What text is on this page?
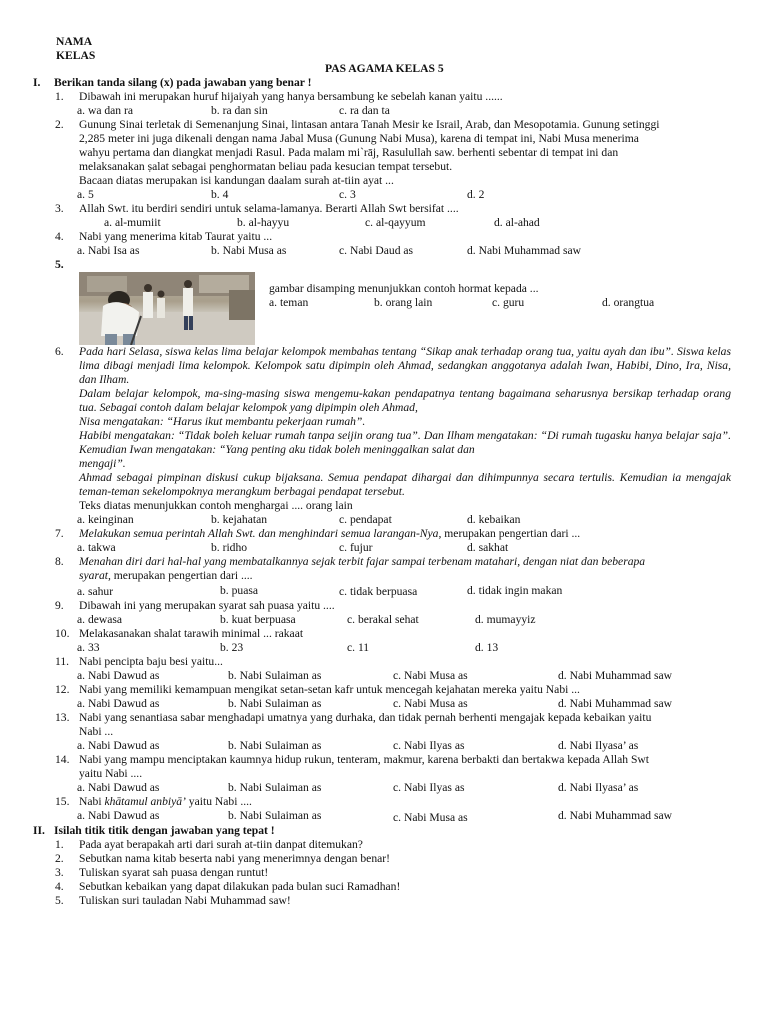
NAMA
KELAS
PAS AGAMA KELAS 5
I. Berikan tanda silang (x) pada jawaban yang benar !
1. Dibawah ini merupakan huruf hijaiyah yang hanya bersambung ke sebelah kanan yaitu ......
a. wa dan ra	b. ra dan sin	c. ra dan ta
2. Gunung Sinai terletak di Semenanjung Sinai, lintasan antara Tanah Mesir ke Israil, Arab, dan Mesopotamia. Gunung setinggi
2,285 meter ini juga dikenali dengan nama Jabal Musa (Gunung Nabi Musa), karena di tempat ini, Nabi Musa menerima
wahyu pertama dan diangkat menjadi Rasul. Pada malam mi`rāj, Rasulullah saw. berhenti sebentar di tempat ini dan
melaksanakan ṣalat sebagai penghormatan beliau pada kesucian tempat tersebut.
Bacaan diatas merupakan isi kandungan daalam surah at-tiin ayat ...
a. 5	b. 4	c. 3	d. 2
3. Allah Swt. itu berdiri sendiri untuk selama-lamanya. Berarti Allah Swt bersifat ....
a. al-mumiit	b. al-hayyu	c. al-qayyum	d. al-ahad
4. Nabi yang menerima kitab Taurat yaitu ...
a. Nabi Isa as	b. Nabi Musa as	c. Nabi Daud as	d. Nabi Muhammad saw
5.
gambar disamping menunjukkan contoh hormat kepada ...
a. teman	b. orang lain	c. guru	d. orangtua
6. Pada hari Selasa, siswa kelas lima belajar kelompok membahas tentang “Sikap anak terhadap orang tua, yaitu ayah dan ibu”. Siswa kelas lima dibagi menjadi lima kelompok. Kelompok satu dipimpin oleh Ahmad, sedangkan anggotanya adalah Iwan, Habibi, Dino, Ira, Nisa, dan Ilham.
Dalam belajar kelompok, ma-sing-masing siswa mengemu-kakan pendapatnya tentang bagaimana seharusnya bersikap terhadap orang tua. Sebagai contoh dalam belajar kelompok yang dipimpin oleh Ahmad,
Nisa mengatakan: “Harus ikut membantu pekerjaan rumah”.
Habibi mengatakan: “Tidak boleh keluar rumah tanpa seijin orang tua”. Dan Ilham mengatakan: “Di rumah tugasku hanya belajar saja”. Kemudian Iwan mengatakan: “Yang penting aku tidak boleh meninggalkan salat dan
mengaji”.
Ahmad sebagai pimpinan diskusi cukup bijaksana. Semua pendapat dihargai dan dihimpunnya secara tertulis. Kemudian ia mengajak teman-teman sekelompoknya merangkum berbagai pendapat tersebut.
Teks diatas menunjukkan contoh menghargai .... orang lain
a. keinginan	b. kejahatan	c. pendapat	d. kebaikan
7. Melakukan semua perintah Allah Swt. dan menghindari semua larangan-Nya, merupakan pengertian dari ...
a. takwa	b. ridho	c. fujur	d. sakhat
8. Menahan diri dari hal-hal yang membatalkannya sejak terbit fajar sampai terbenam matahari, dengan niat dan beberapa
syarat, merupakan pengertian dari ....
a. sahur	b. puasa	c. tidak berpuasa	d. tidak ingin makan
9. Dibawah ini yang merupakan syarat sah puasa yaitu ....
a. dewasa	b. kuat berpuasa	c. berakal sehat	d. mumayyiz
10. Melakasanakan shalat tarawih minimal ... rakaat
a. 33	b. 23	c. 11	d. 13
11. Nabi pencipta baju besi yaitu...
a. Nabi Dawud as	b. Nabi Sulaiman as	c. Nabi Musa as	d. Nabi Muhammad saw
12. Nabi yang memiliki kemampuan mengikat setan-setan kafr untuk mencegah kejahatan mereka yaitu Nabi ...
a. Nabi Dawud as	b. Nabi Sulaiman as	c. Nabi Musa as	d. Nabi Muhammad saw
13. Nabi yang senantiasa sabar menghadapi umatnya yang durhaka, dan tidak pernah berhenti mengajak kepada kebaikan yaitu
Nabi ...
a. Nabi Dawud as	b. Nabi Sulaiman as	c. Nabi Ilyas as	d. Nabi Ilyasa’ as
14. Nabi yang mampu menciptakan kaumnya hidup rukun, tenteram, makmur, karena berbakti dan bertakwa kepada Allah Swt
yaitu Nabi ....
a. Nabi Dawud as	b. Nabi Sulaiman as	c. Nabi Ilyas as	d. Nabi Ilyasa’ as
15. Nabi khātamul anbiyā’ yaitu Nabi ....
a. Nabi Dawud as	b. Nabi Sulaiman as	c. Nabi Musa as	d. Nabi Muhammad saw
II. Isilah titik titik dengan jawaban yang tepat !
1. Pada ayat berapakah arti dari surah at-tiin danpat ditemukan?
2. Sebutkan nama kitab beserta nabi yang menerimnya dengan benar!
3. Tuliskan syarat sah puasa dengan runtut!
4. Sebutkan kebaikan yang dapat dilakukan pada bulan suci Ramadhan!
5. Tuliskan suri tauladan Nabi Muhammad saw!
